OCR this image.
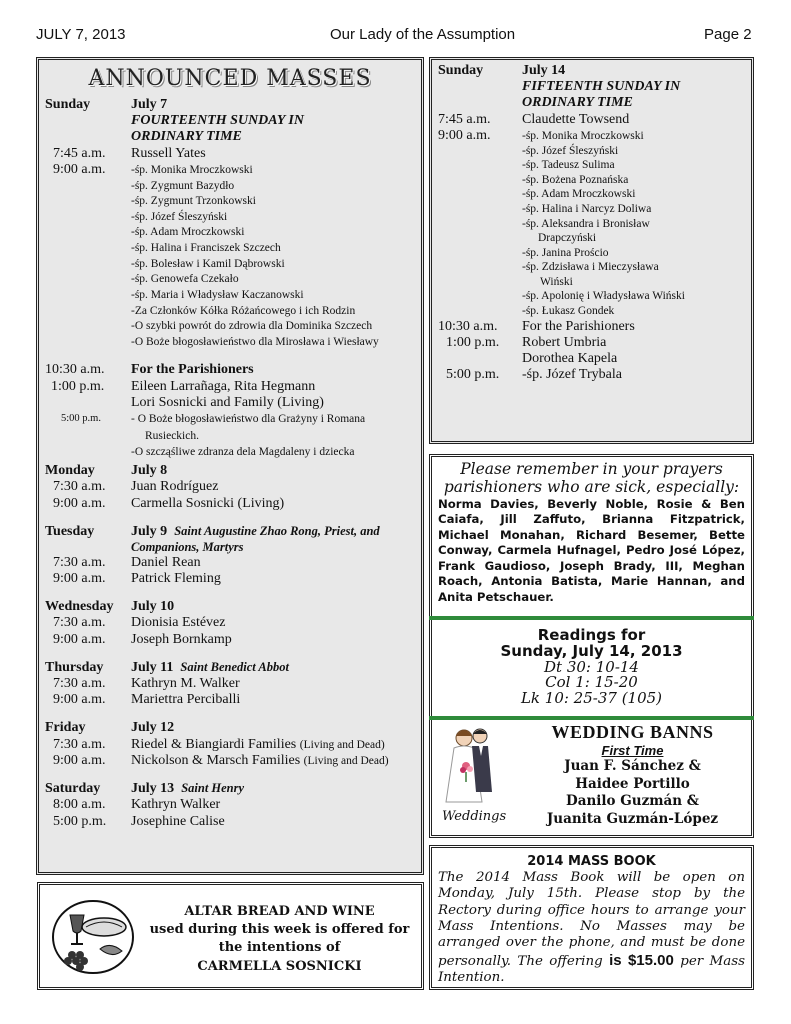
JULY 7, 2013	Our Lady of the Assumption	Page 2
ANNOUNCED MASSES
Sunday	July 7
FOURTEENTH SUNDAY IN
ORDINARY TIME
7:45 a.m.	Russell Yates
9:00 a.m.	-śp. Monika Mroczkowski
-śp. Zygmunt Bazydło
-śp. Zygmunt Trzonkowski
-śp. Józef Śleszyński
-śp. Adam Mroczkowski
-śp. Halina i Franciszek Szczech
-śp. Bolesław i Kamil Dąbrowski
-śp. Genowefa Czekało
-śp. Maria i Władysław Kaczanowski
-Za Członków Kółka Różańcowego i ich Rodzin
-O szybki powrót do zdrowia dla Dominika Szczech
-O Boże błogosławieństwo dla Mirosława i Wiesławy
10:30 a.m.	For the Parishioners
1:00 p.m.	Eileen Larrañaga, Rita Hegmann
Lori Sosnicki and Family (Living)
5:00 p.m.	- O Boże błogosławieństwo dla Grażyny i Romana
Rusieckich.
-O szcząśliwe zdranza dela Magdaleny i dziecka
Monday	July 8
7:30 a.m.	Juan Rodríguez
9:00 a.m.	Carmella Sosnicki (Living)
Tuesday	July 9 Saint Augustine Zhao Rong, Priest, and
Companions, Martyrs
7:30 a.m.	Daniel Rean
9:00 a.m.	Patrick Fleming
Wednesday	July 10
7:30 a.m.	Dionisia Estévez
9:00 a.m.	Joseph Bornkamp
Thursday	July 11 Saint Benedict Abbot
7:30 a.m.	Kathryn M. Walker
9:00 a.m.	Mariettra Perciballi
Friday	July 12
7:30 a.m.	Riedel & Biangiardi Families (Living and Dead)
9:00 a.m.	Nickolson & Marsch Families (Living and Dead)
Saturday	July 13 Saint Henry
8:00 a.m.	Kathryn Walker
5:00 p.m.	Josephine Calise
Sunday	July 14
FIFTEENTH SUNDAY IN
ORDINARY TIME
7:45 a.m.	Claudette Towsend
9:00 a.m.	-śp. Monika Mroczkowski
-śp. Józef Śleszyński
-śp. Tadeusz Sulima
-śp. Bożena Poznańska
-śp. Adam Mroczkowski
-śp. Halina i Narcyz Doliwa
-śp. Aleksandra i Bronisław
Drapczyński
-śp. Janina Prościo
-śp. Zdzisława i Mieczysława
Wiński
-śp. Apolonię i Władysława Wiński
-śp. Łukasz Gondek
10:30 a.m.	For the Parishioners
1:00 p.m.	Robert Umbria
Dorothea Kapela
5:00 p.m.	-śp. Józef Trybala
Please remember in your prayers
parishioners who are sick, especially:
Norma Davies, Beverly Noble, Rosie & Ben Caiafa, Jill Zaffuto, Brianna Fitzpatrick, Michael Monahan, Richard Besemer, Bette Conway, Carmela Hufnagel, Pedro José López, Frank Gaudioso, Joseph Brady, III, Meghan Roach, Antonia Batista, Marie Hannan, and Anita Petschauer.
Readings for
Sunday, July 14, 2013
Dt 30: 10-14
Col 1: 15-20
Lk 10: 25-37 (105)
Weddings
WEDDING BANNS
First Time
Juan F. Sánchez &
Haidee Portillo
Danilo Guzmán &
Juanita Guzmán-López
ALTAR BREAD AND WINE
used during this week is offered for
the intentions of
CARMELLA SOSNICKI
2014 MASS BOOK
The 2014 Mass Book will be open on Monday, July 15th. Please stop by the Rectory during office hours to arrange your Mass Intentions. No Masses may be arranged over the phone, and must be done personally. The offering is $15.00 per Mass Intention.
